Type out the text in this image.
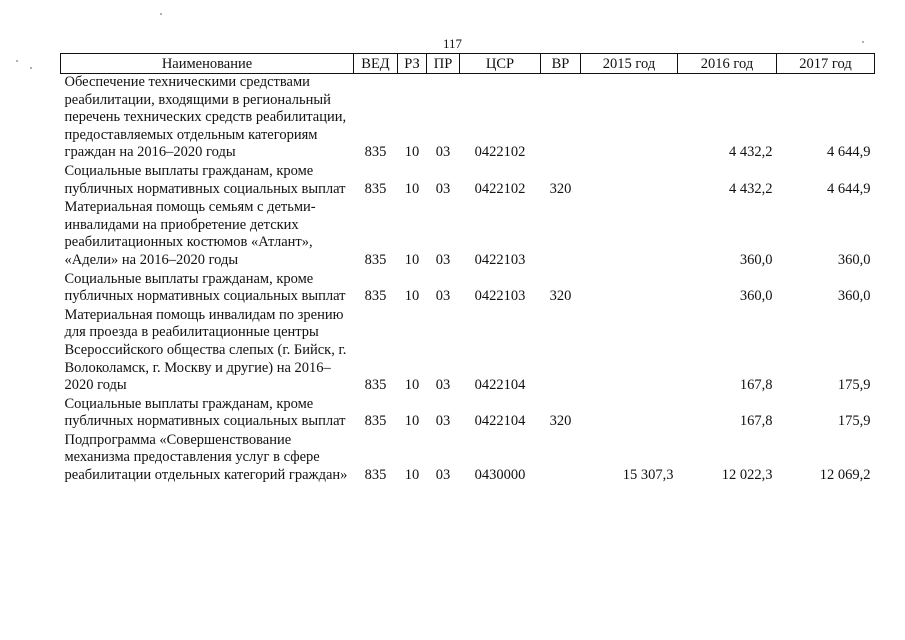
117
Наименование	ВЕД	РЗ	ПР	ЦСР	ВР	2015 год	2016 год	2017 год
Обеспечение техническими средствами реабилитации, входящими в региональный перечень технических средств реабилитации, предоставляемых отдельным категориям граждан на 2016–2020 годы	835	10	03	0422102			4 432,2	4 644,9
Социальные выплаты гражданам, кроме публичных нормативных социальных выплат	835	10	03	0422102	320		4 432,2	4 644,9
Материальная помощь семьям с детьми-инвалидами на приобретение детских реабилитационных костюмов «Атлант», «Адели» на 2016–2020 годы	835	10	03	0422103			360,0	360,0
Социальные выплаты гражданам, кроме публичных нормативных социальных выплат	835	10	03	0422103	320		360,0	360,0
Материальная помощь инвалидам по зрению для проезда в реабилитационные центры Всероссийского общества слепых (г. Бийск, г. Волоколамск, г. Москву и другие) на 2016–2020 годы	835	10	03	0422104			167,8	175,9
Социальные выплаты гражданам, кроме публичных нормативных социальных выплат	835	10	03	0422104	320		167,8	175,9
Подпрограмма «Совершенствование механизма предоставления услуг в сфере реабилитации отдельных категорий граждан»	835	10	03	0430000		15 307,3	12 022,3	12 069,2
